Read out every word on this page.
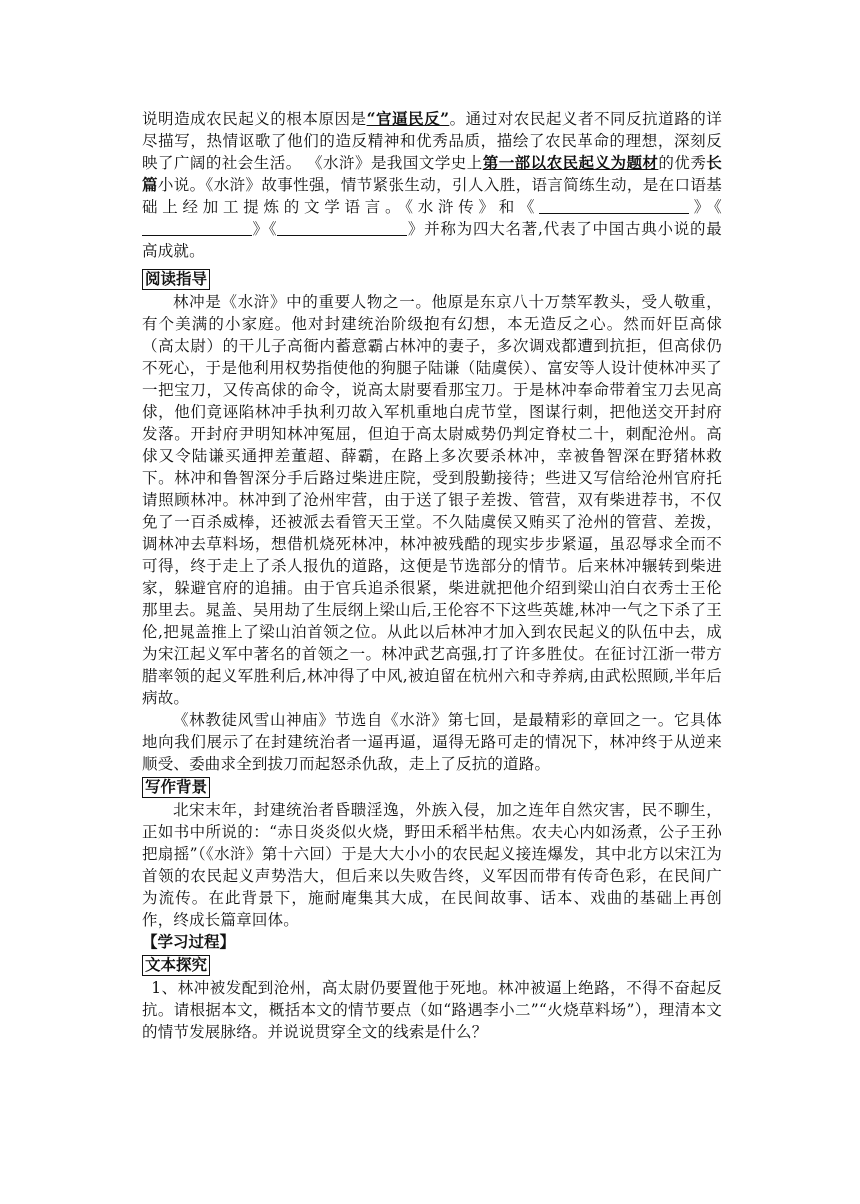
说明造成农民起义的根本原因是“官逼民反”。通过对农民起义者不同反抗道路的详尽描写，热情讴歌了他们的造反精神和优秀品质，描绘了农民革命的理想，深刻反映了广阔的社会生活。 《水浒》是我国文学史上第一部以农民起义为题材的优秀长篇小说。《水浒》故事性强，情节紧张生动，引人入胜，语言简练生动，是在口语基础上经加工提炼的文学语言。《水浒传》和《	》《》《	》并称为四大名著,代表了中国古典小说的最高成就。

阅读指导

林冲是《水浒》中的重要人物之一。他原是东京八十万禁军教头，受人敬重，有个美满的小家庭。他对封建统治阶级抱有幻想，本无造反之心。然而奸臣高俅（高太尉）的干儿子高衙内蓄意霸占林冲的妻子，多次调戏都遭到抗拒，但高俅仍不死心，于是他利用权势指使他的狗腿子陆谦（陆虞侯）、富安等人设计使林冲买了一把宝刀，又传高俅的命令，说高太尉要看那宝刀。于是林冲奉命带着宝刀去见高俅，他们竟诬陷林冲手执利刃故入军机重地白虎节堂，图谋行刺，把他送交开封府发落。开封府尹明知林冲冤屈，但迫于高太尉威势仍判定脊杖二十，刺配沧州。高俅又令陆谦买通押差董超、薛霸，在路上多次要杀林冲，幸被鲁智深在野猪林救下。林冲和鲁智深分手后路过柴进庄院，受到殷勤接待；些进又写信给沧州官府托请照顾林冲。林冲到了沧州牢营，由于送了银子差拨、管营，双有柴进荐书，不仅免了一百杀威棒，还被派去看管天王堂。不久陆虞侯又贿买了沧州的管营、差拨，调林冲去草料场，想借机烧死林冲，林冲被残酷的现实步步紧逼，虽忍辱求全而不可得，终于走上了杀人报仇的道路，这便是节选部分的情节。后来林冲辗转到柴进家，躲避官府的追捕。由于官兵追杀很紧，柴进就把他介绍到梁山泊白衣秀士王伦那里去。晁盖、吴用劫了生辰纲上梁山后,王伦容不下这些英雄,林冲一气之下杀了王伦,把晁盖推上了梁山泊首领之位。从此以后林冲才加入到农民起义的队伍中去，成为宋江起义军中著名的首领之一。林冲武艺高强,打了许多胜仗。在征讨江浙一带方腊率领的起义军胜利后,林冲得了中风,被迫留在杭州六和寺养病,由武松照顾,半年后病故。

《林教徒风雪山神庙》节选自《水浒》第七回，是最精彩的章回之一。它具体地向我们展示了在封建统治者一逼再逼，逼得无路可走的情况下，林冲终于从逆来顺受、委曲求全到拔刀而起怒杀仇敌，走上了反抗的道路。

写作背景

北宋末年，封建统治者昏聩淫逸，外族入侵，加之连年自然灾害，民不聊生，正如书中所说的：“赤日炎炎似火烧，野田禾稻半枯焦。农夫心内如汤煮，公子王孙把扇摇”（《水浒》第十六回）于是大大小小的农民起义接连爆发，其中北方以宋江为首领的农民起义声势浩大，但后来以失败告终，义军因而带有传奇色彩，在民间广为流传。在此背景下，施耐庵集其大成，在民间故事、话本、戏曲的基础上再创作，终成长篇章回体。

【学习过程】

文本探究

1、林冲被发配到沧州，高太尉仍要置他于死地。林冲被逼上绝路，不得不奋起反抗。请根据本文，概括本文的情节要点（如“路遇李小二”“火烧草料场”），理清本文的情节发展脉络。并说说贯穿全文的线索是什么？
